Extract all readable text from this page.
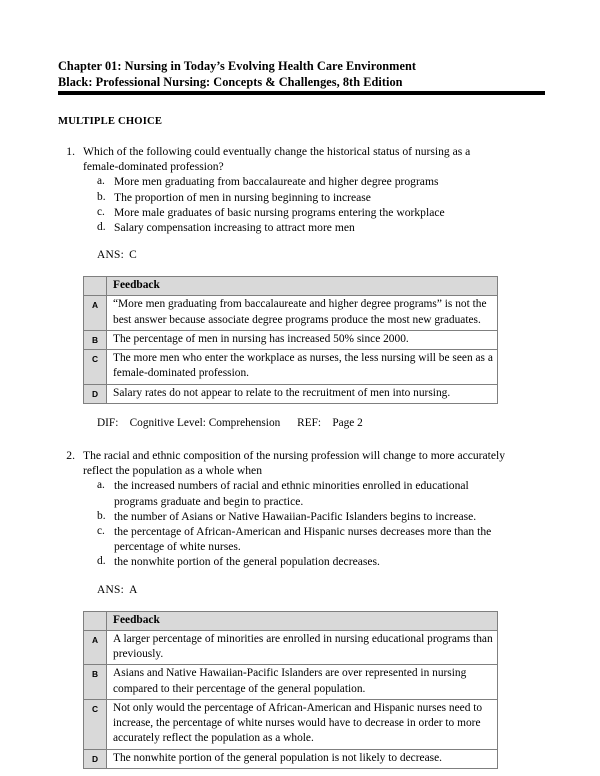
Chapter 01: Nursing in Today’s Evolving Health Care Environment
Black: Professional Nursing: Concepts & Challenges, 8th Edition
MULTIPLE CHOICE
1. Which of the following could eventually change the historical status of nursing as a female-dominated profession?
a. More men graduating from baccalaureate and higher degree programs
b. The proportion of men in nursing beginning to increase
c. More male graduates of basic nursing programs entering the workplace
d. Salary compensation increasing to attract more men
ANS: C
	Feedback
A	“More men graduating from baccalaureate and higher degree programs” is not the best answer because associate degree programs produce the most new graduates.
B	The percentage of men in nursing has increased 50% since 2000.
C	The more men who enter the workplace as nurses, the less nursing will be seen as a female-dominated profession.
D	Salary rates do not appear to relate to the recruitment of men into nursing.
DIF: Cognitive Level: Comprehension  REF: Page 2
2. The racial and ethnic composition of the nursing profession will change to more accurately reflect the population as a whole when
a. the increased numbers of racial and ethnic minorities enrolled in educational programs graduate and begin to practice.
b. the number of Asians or Native Hawaiian-Pacific Islanders begins to increase.
c. the percentage of African-American and Hispanic nurses decreases more than the percentage of white nurses.
d. the nonwhite portion of the general population decreases.
ANS: A
	Feedback
A	A larger percentage of minorities are enrolled in nursing educational programs than previously.
B	Asians and Native Hawaiian-Pacific Islanders are over represented in nursing compared to their percentage of the general population.
C	Not only would the percentage of African-American and Hispanic nurses need to increase, the percentage of white nurses would have to decrease in order to more accurately reflect the population as a whole.
D	The nonwhite portion of the general population is not likely to decrease.
